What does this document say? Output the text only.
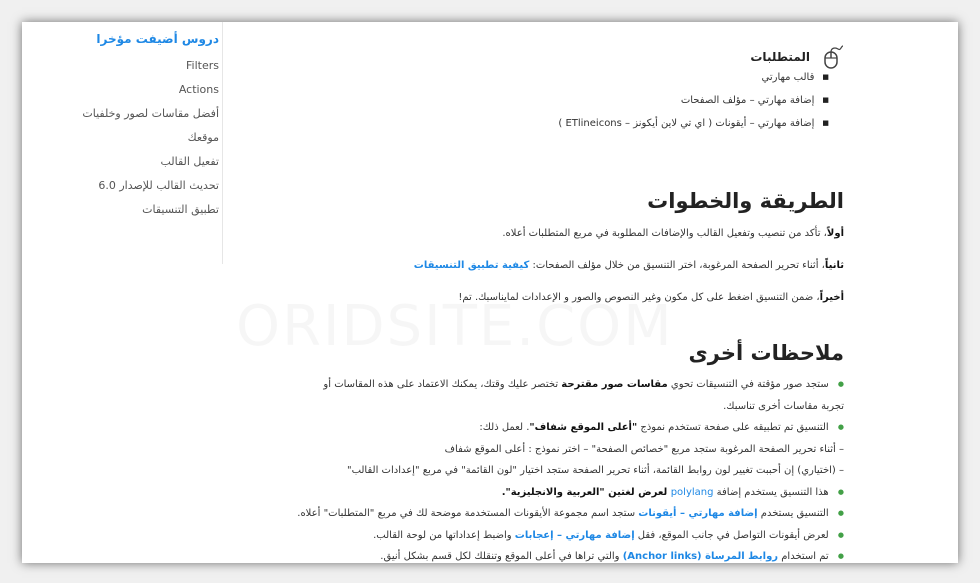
دروس أضيفت مؤخرا
Filters
Actions
أفضل مقاسات لصور وخلفيات
موقعك
تفعيل القالب
تحديث القالب للإصدار 6.0
تطبيق التنسيقات
المتطلبات
■ قالب مهارتي
■ إضافة مهارتي – مؤلف الصفحات
■ إضافة مهارتي – أيقونات ( اي تي لاين أيكونز – ETlineicons )
الطريقة والخطوات
أولاً، تأكد من تنصيب وتفعيل القالب والإضافات المطلوبة في مربع المتطلبات أعلاه.
ثانياً، أثناء تحرير الصفحة المرغوبة، اختر التنسيق من خلال مؤلف الصفحات: كيفية تطبيق التنسيقات
أخيراً، ضمن التنسيق اضغط على كل مكون وغير النصوص والصور و الإعدادات لمايناسبك. تم!
ملاحظات أخرى
● ستجد صور مؤقتة في التنسيقات تحوي مقاسات صور مقترحة تختصر عليك وقتك، يمكنك الاعتماد على هذه المقاسات أو تجربة مقاسات أخرى تناسبك.
● التنسيق تم تطبيقه على صفحة تستخدم نموذج "أعلى الموقع شفاف". لعمل ذلك:
– أثناء تحرير الصفحة المرغوبة ستجد مربع "خصائص الصفحة" – اختر نموذج : أعلى الموقع شفاف
– (اختياري) إن أحببت تغيير لون روابط القائمة، أثناء تحرير الصفحة ستجد اختيار "لون القائمة" في مربع "إعدادات القالب"
● هذا التنسيق يستخدم إضافة polylang لعرض لغتين "العربية والانجليزية".
● التنسيق يستخدم إضافة مهارتي – أيقونات ستجد اسم مجموعة الأيقونات المستخدمة موضحة لك في مربع "المتطلبات" أعلاه.
● لعرض أيقونات التواصل في جانب الموقع، فقل إضافة مهارتي – إعجابات واضبط إعداداتها من لوحة القالب.
● تم استخدام روابط المرساة (Anchor links) والتي تراها في أعلى الموقع وتنقلك لكل قسم بشكل أنيق.
